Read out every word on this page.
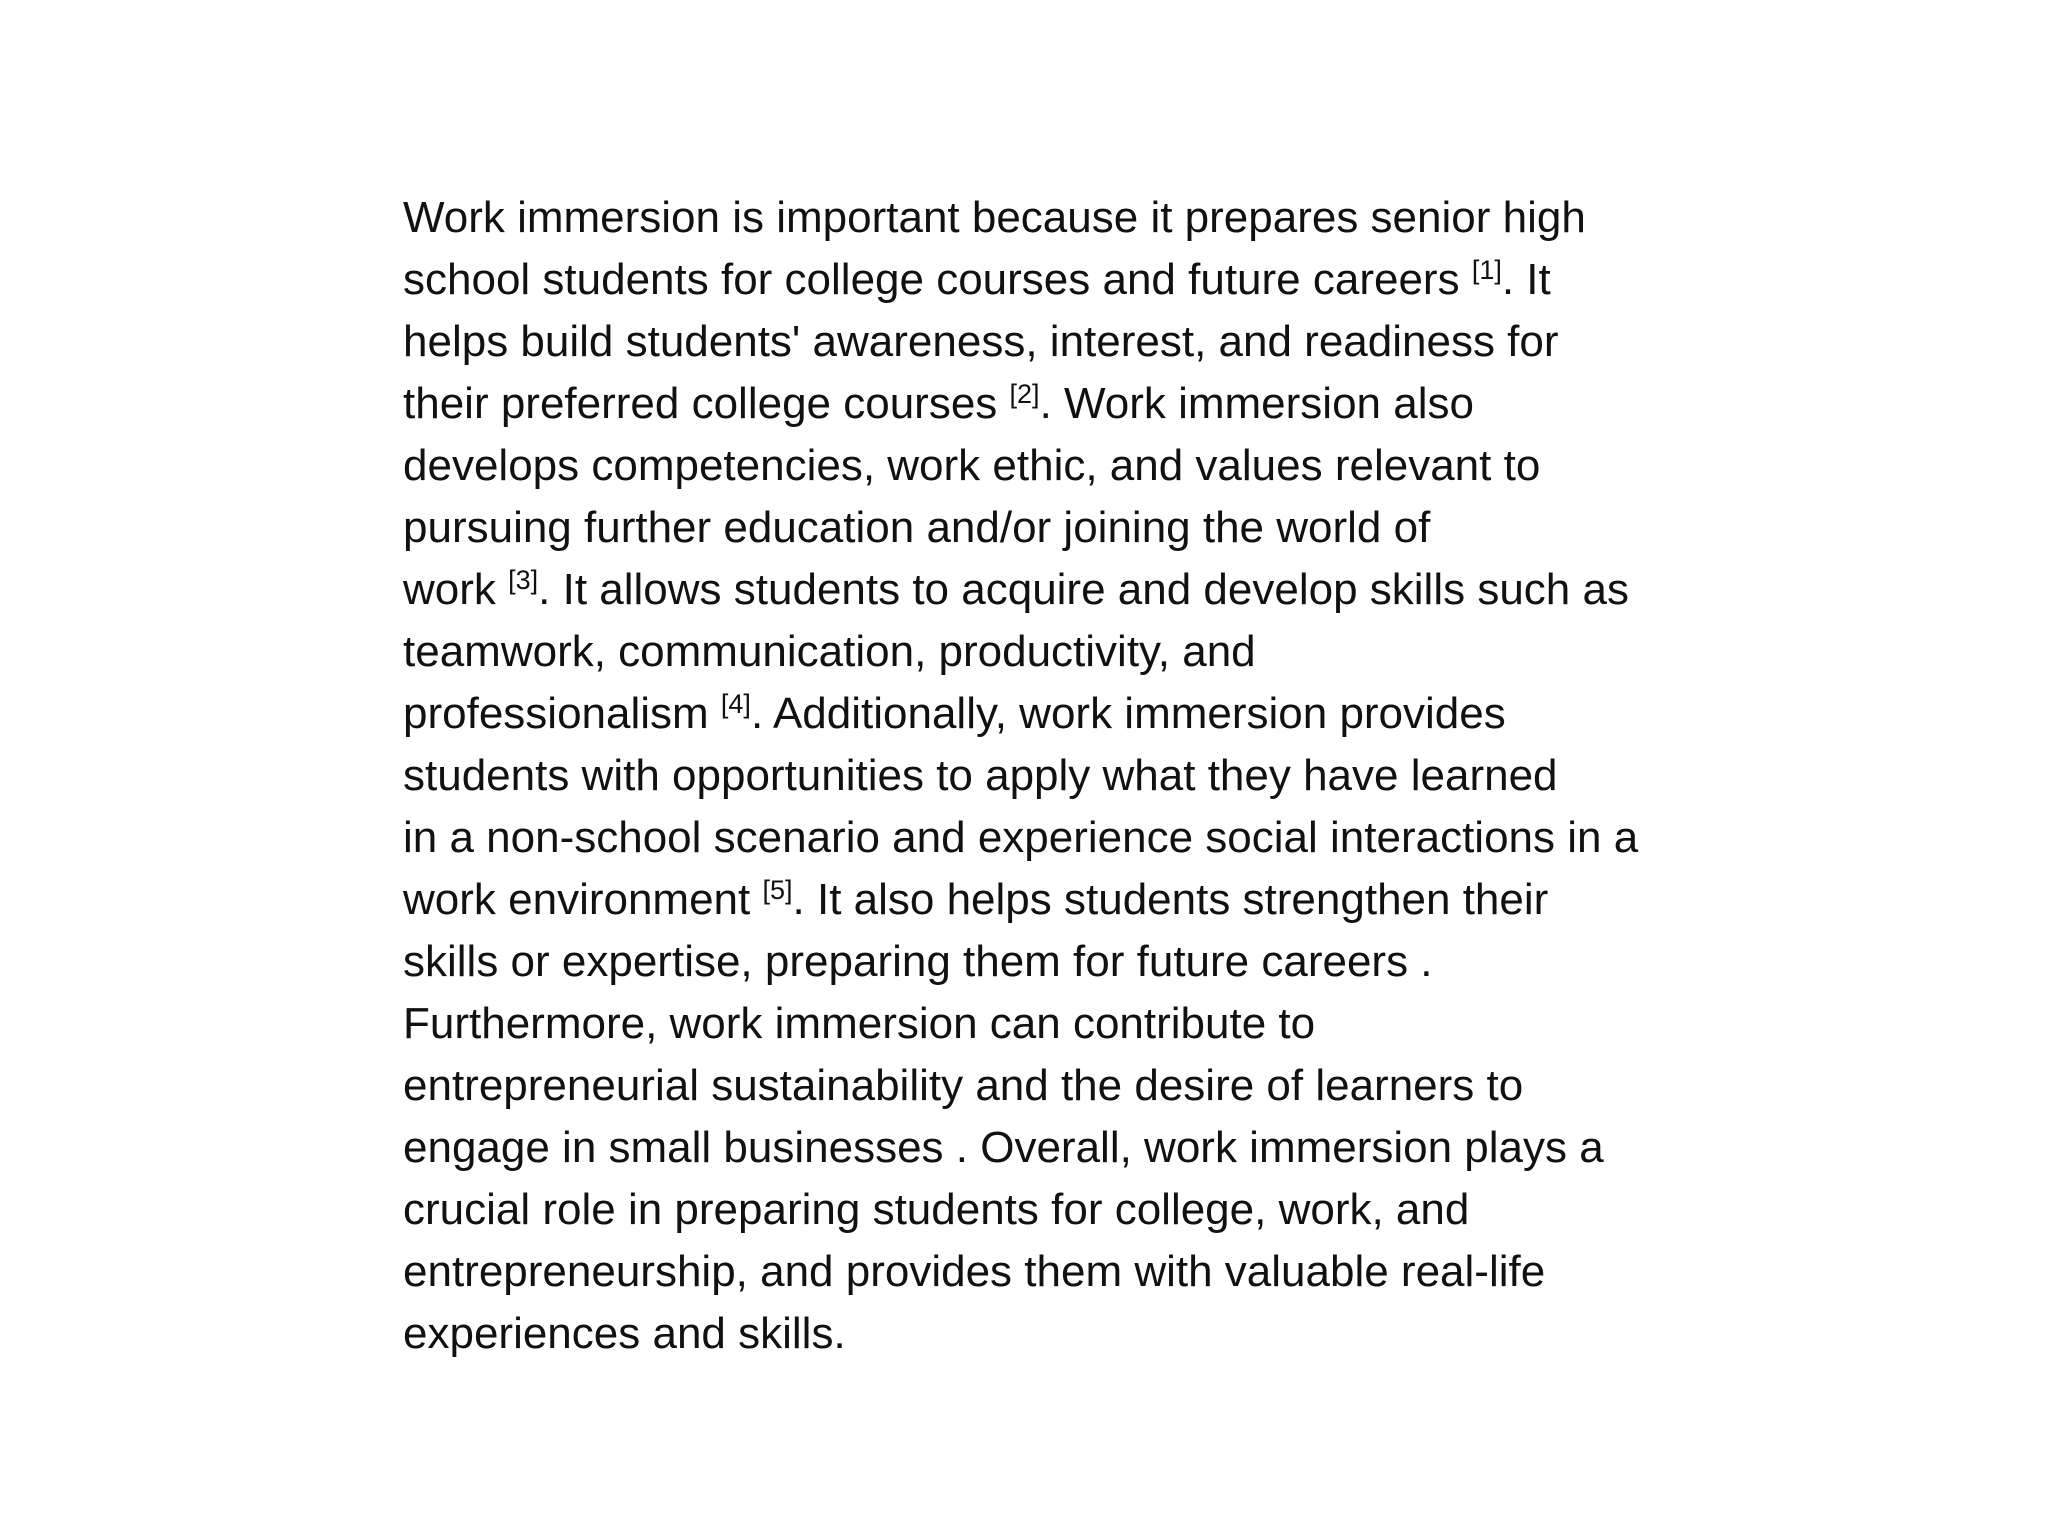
Work immersion is important because it prepares senior high
school students for college courses and future careers [1]. It
helps build students' awareness, interest, and readiness for
their preferred college courses [2]. Work immersion also
develops competencies, work ethic, and values relevant to
pursuing further education and/or joining the world of
work [3]. It allows students to acquire and develop skills such as
teamwork, communication, productivity, and
professionalism [4]. Additionally, work immersion provides
students with opportunities to apply what they have learned
in a non-school scenario and experience social interactions in a
work environment [5]. It also helps students strengthen their
skills or expertise, preparing them for future careers .
Furthermore, work immersion can contribute to
entrepreneurial sustainability and the desire of learners to
engage in small businesses . Overall, work immersion plays a
crucial role in preparing students for college, work, and
entrepreneurship, and provides them with valuable real-life
experiences and skills.
